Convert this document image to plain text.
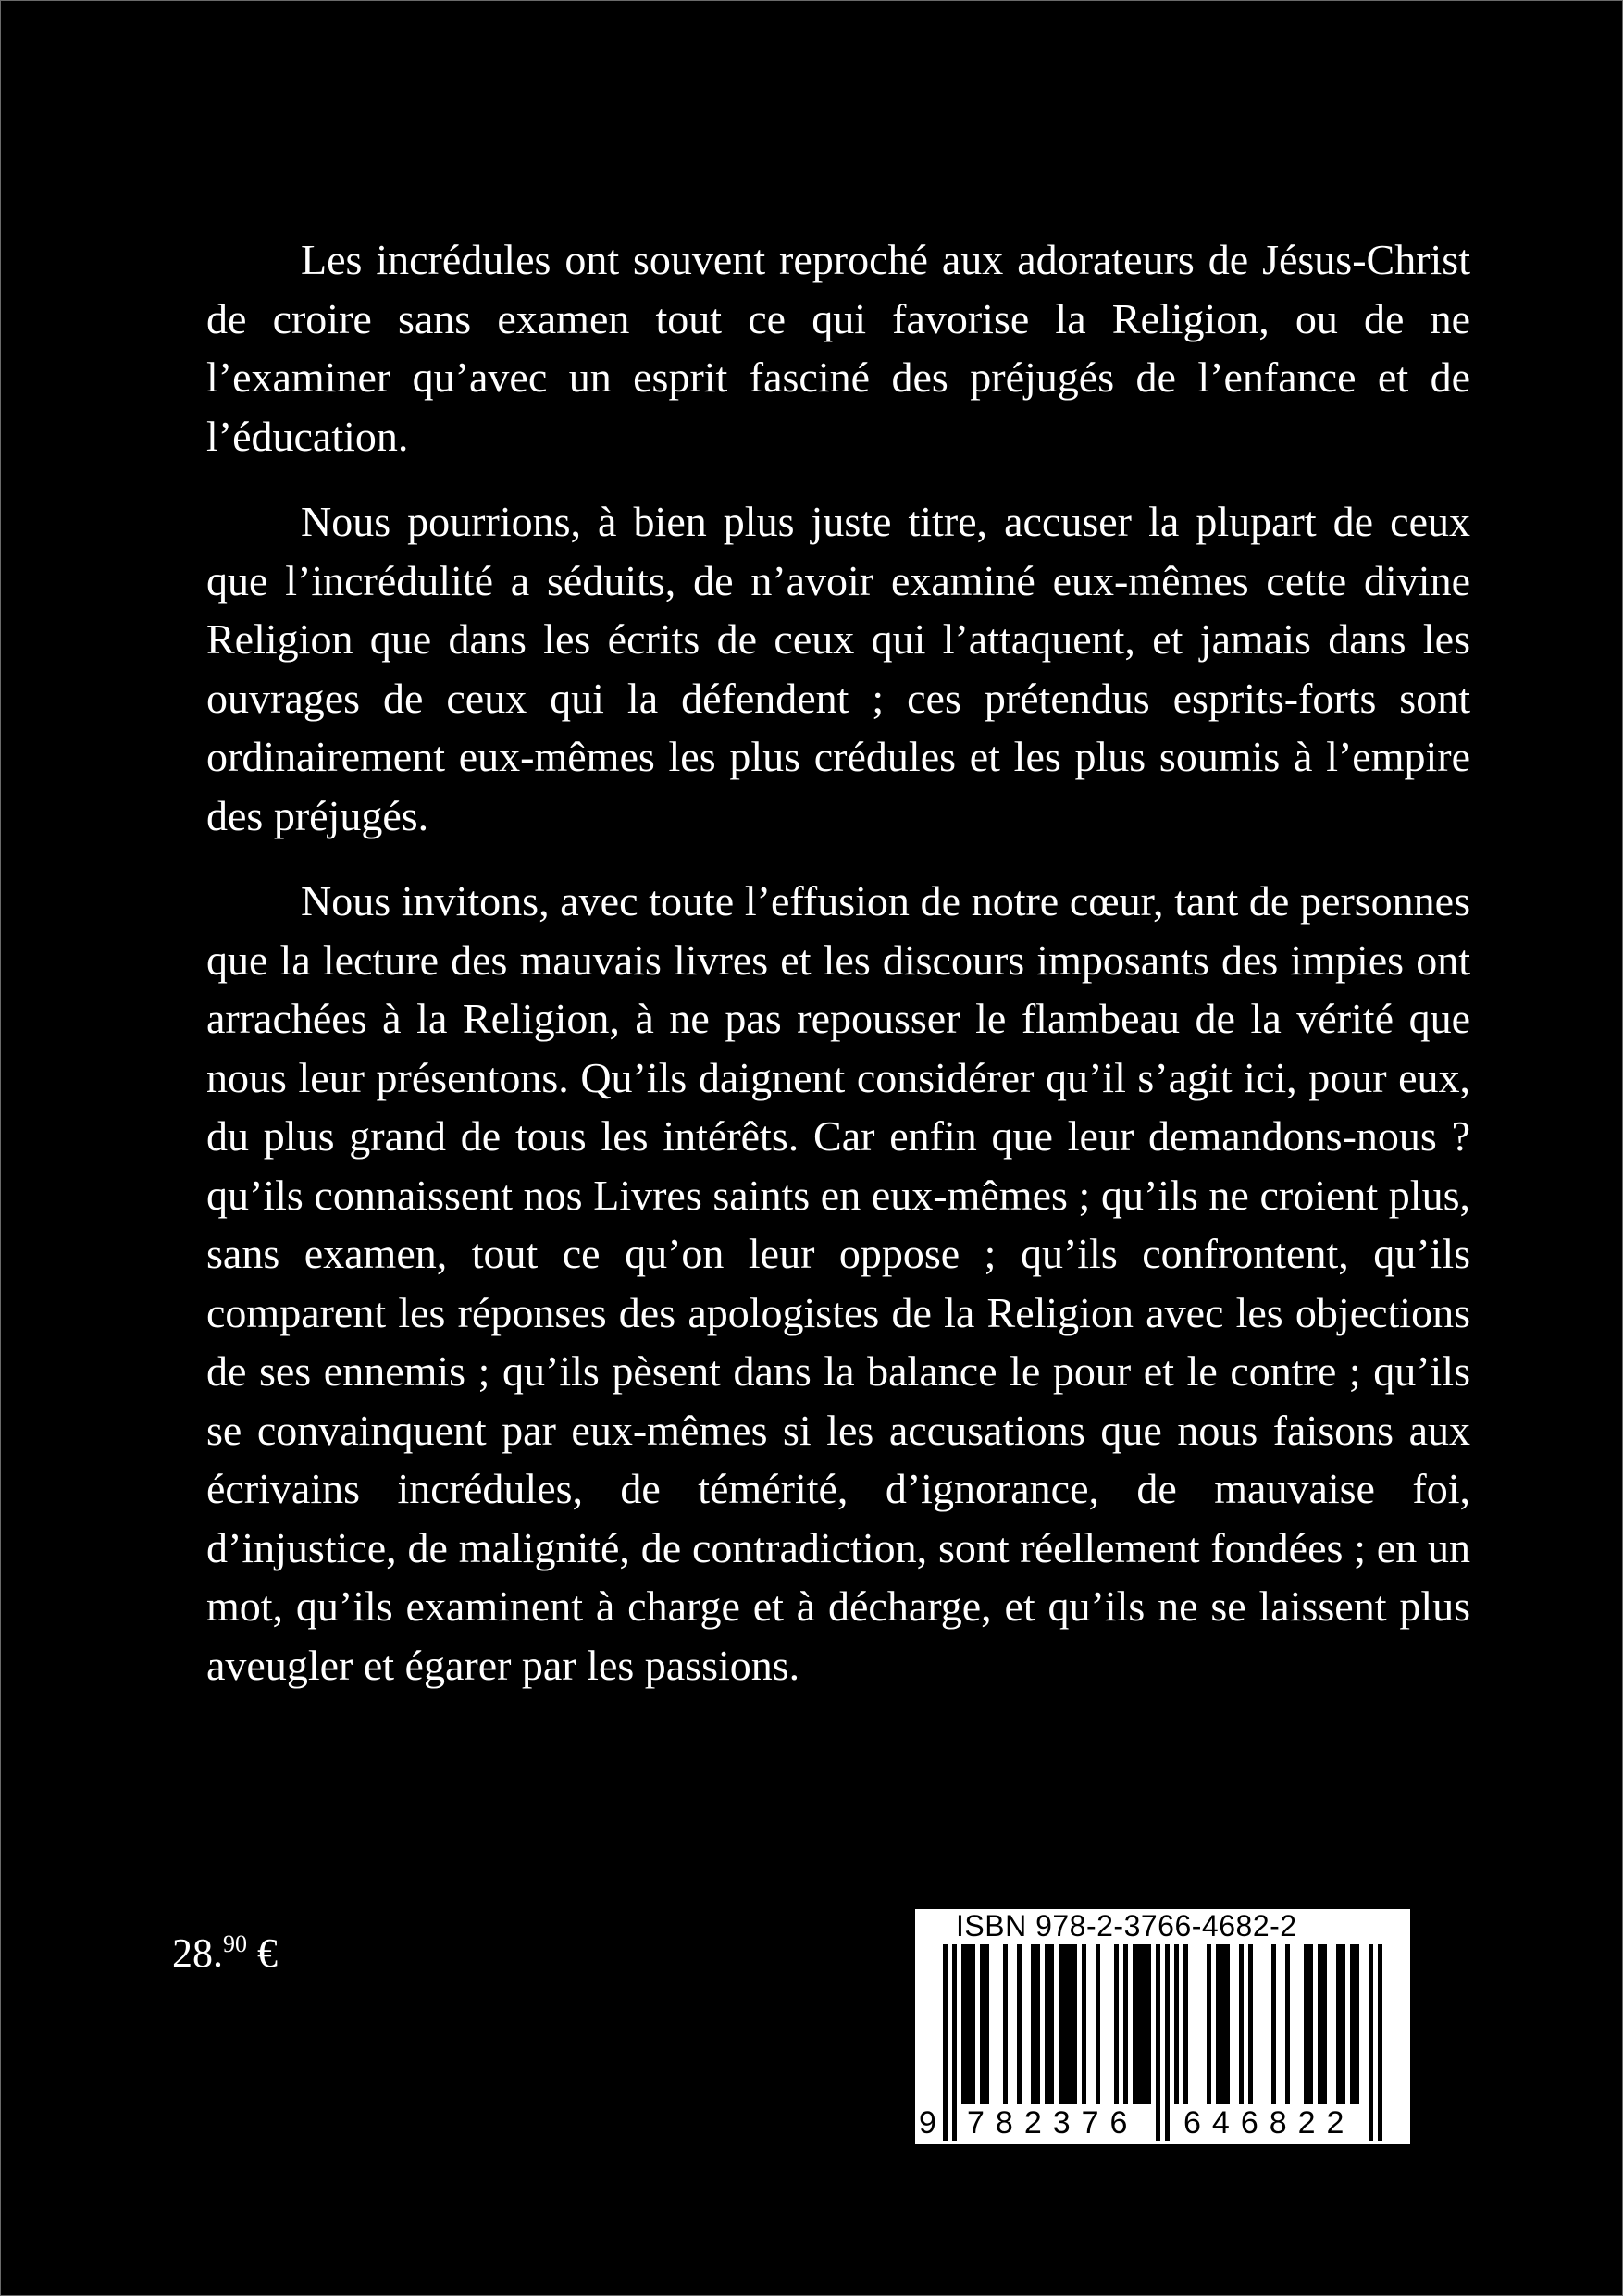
Les incrédules ont souvent reproché aux adorateurs de Jésus-Christ de croire sans examen tout ce qui favorise la Religion, ou de ne l’examiner qu’avec un esprit fasciné des préjugés de l’enfance et de l’éducation.

Nous pourrions, à bien plus juste titre, accuser la plupart de ceux que l’incrédulité a séduits, de n’avoir examiné eux-mêmes cette divine Religion que dans les écrits de ceux qui l’attaquent, et jamais dans les ouvrages de ceux qui la défendent ; ces prétendus esprits-forts sont ordinairement eux-mêmes les plus crédules et les plus soumis à l’empire des préjugés.

Nous invitons, avec toute l’effusion de notre cœur, tant de personnes que la lecture des mauvais livres et les discours imposants des impies ont arrachées à la Religion, à ne pas repousser le flambeau de la vérité que nous leur présentons. Qu’ils daignent considérer qu’il s’agit ici, pour eux, du plus grand de tous les intérêts. Car enfin que leur demandons-nous ? qu’ils connaissent nos Livres saints en eux-mêmes ; qu’ils ne croient plus, sans examen, tout ce qu’on leur oppose ; qu’ils confrontent, qu’ils comparent les réponses des apologistes de la Religion avec les objections de ses ennemis ; qu’ils pèsent dans la balance le pour et le contre ; qu’ils se convainquent par eux-mêmes si les accusations que nous faisons aux écrivains incrédules, de témérité, d’ignorance, de mauvaise foi, d’injustice, de malignité, de contradiction, sont réellement fondées ; en un mot, qu’ils examinent à charge et à décharge, et qu’ils ne se laissent plus aveugler et égarer par les passions.

28.90 €
ISBN 978-2-3766-4682-2
9 782376 646822
